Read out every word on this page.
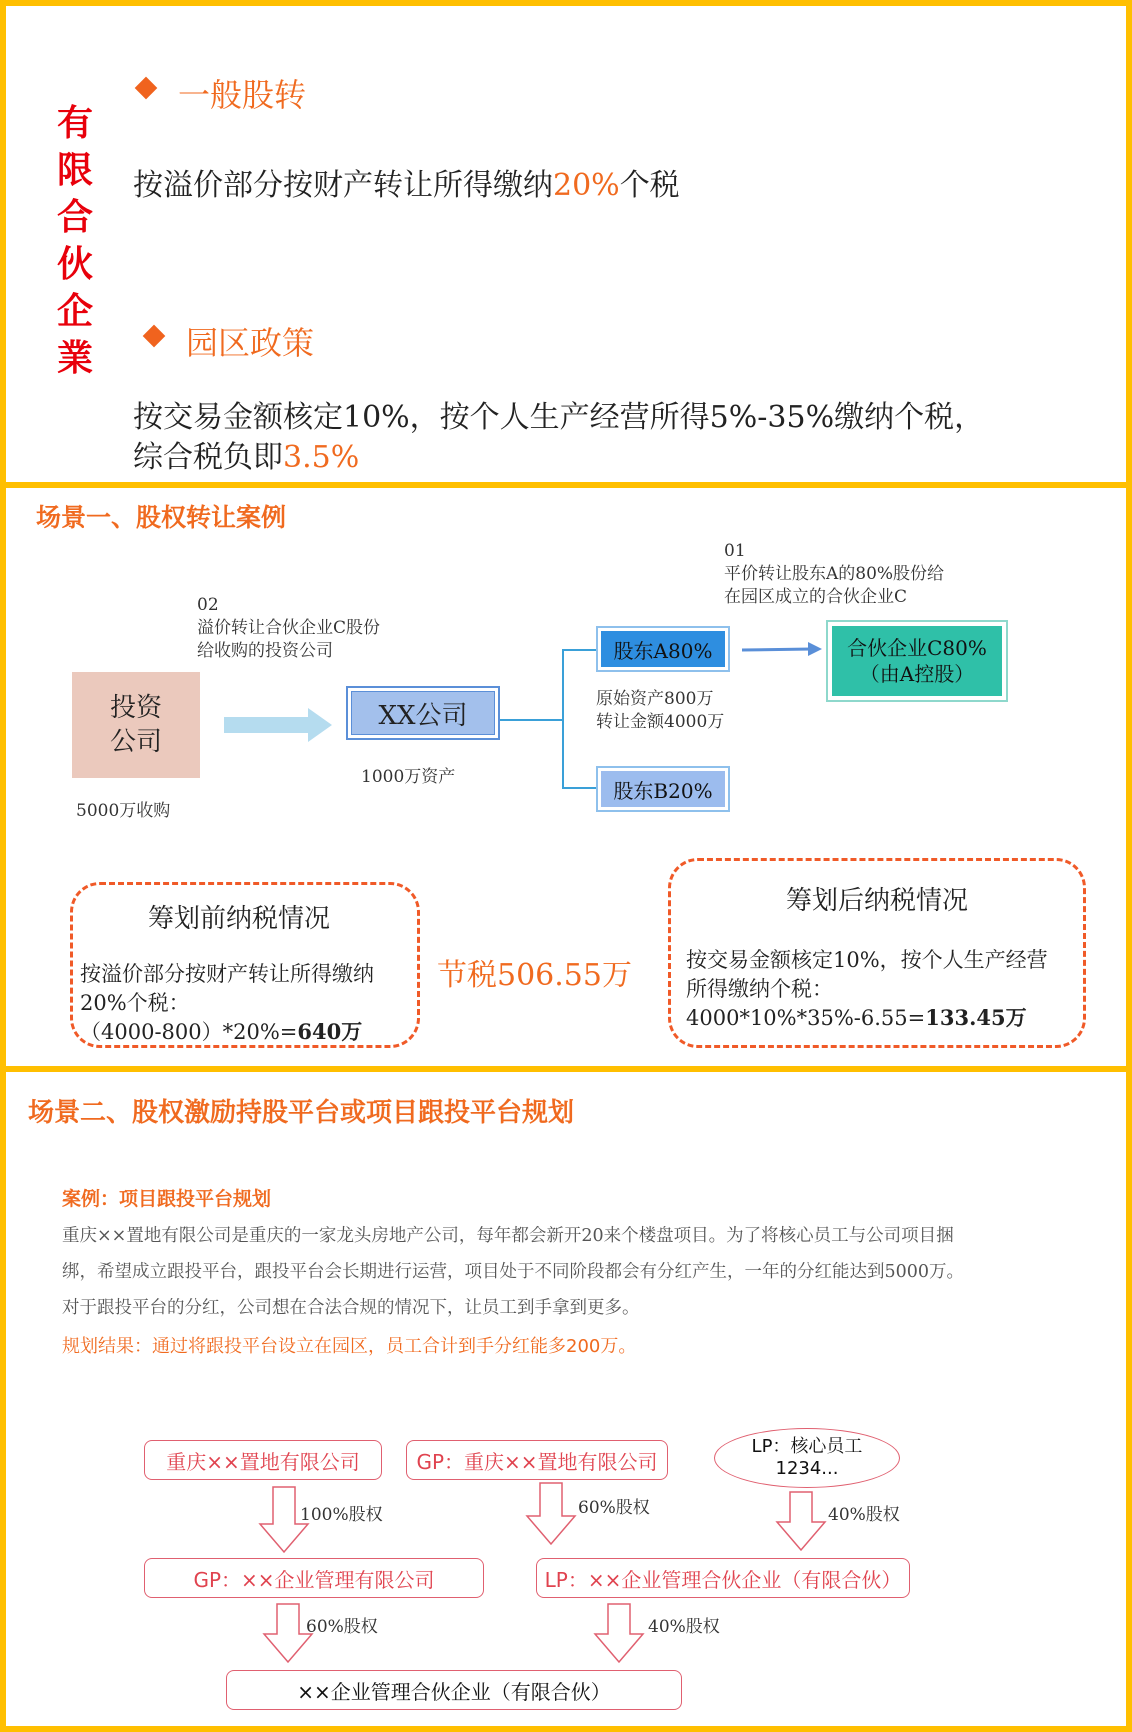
有
限
合
伙
企
業
一般股转
按溢价部分按财产转让所得缴纳20%个税
园区政策
按交易金额核定10%，按个人生产经营所得5%-35%缴纳个税，
综合税负即3.5%
场景一、股权转让案例
投资
公司
5000万收购
02
溢价转让合伙企业C股份
给收购的投资公司
XX公司
1000万资产
股东A80%
原始资产800万
转让金额4000万
股东B20%
01
平价转让股东A的80%股份给
在园区成立的合伙企业C
合伙企业C80%
（由A控股）
筹划前纳税情况
按溢价部分按财产转让所得缴纳
20%个税：
（4000-800）*20%=640万
节税506.55万
筹划后纳税情况
按交易金额核定10%，按个人生产经营
所得缴纳个税：
4000*10%*35%-6.55=133.45万
场景二、股权激励持股平台或项目跟投平台规划
案例：项目跟投平台规划
重庆××置地有限公司是重庆的一家龙头房地产公司，每年都会新开20来个楼盘项目。为了将核心员工与公司项目捆
绑，希望成立跟投平台，跟投平台会长期进行运营，项目处于不同阶段都会有分红产生，一年的分红能达到5000万。
对于跟投平台的分红，公司想在合法合规的情况下，让员工到手拿到更多。
规划结果：通过将跟投平台设立在园区，员工合计到手分红能多200万。
重庆××置地有限公司	GP：重庆××置地有限公司
LP：核心员工
1234...
GP：××企业管理有限公司	LP：××企业管理合伙企业（有限合伙）
××企业管理合伙企业（有限合伙）
100%股权	60%股权	40%股权
60%股权	40%股权
